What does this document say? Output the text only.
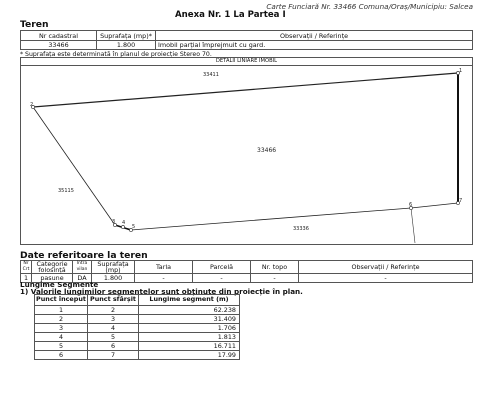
Carte Funciară Nr. 33466 Comuna/Oraș/Municipiu: Salcea
Anexa Nr. 1 La Partea I
Teren
Nr cadastral	Suprafața (mp)*	Observații / Referințe
33466	1.800	Imobil parțial împrejmuit cu gard.
* Suprafața este determinată în planul de proiecție Stereo 70.
DETALII LINIARE IMOBIL
1
2
3 4
5
6
7
33466
33411
35115
33336
Date referitoare la teren
Nr Crt	Categorie folosință	Intra vilan	Suprafața (mp)	Tarla	Parcelă	Nr. topo	Observații / Referințe
1	pasune	DA	1.800	-	-	-	-
Lungime Segmente
1) Valorile lungimilor segmentelor sunt obținute din proiecție în plan.
Punct început	Punct sfârșit	Lungime segment (m)
1	2	62.238
2	3	31.409
3	4	1.706
4	5	1.813
5	6	16.711
6	7	17.99
